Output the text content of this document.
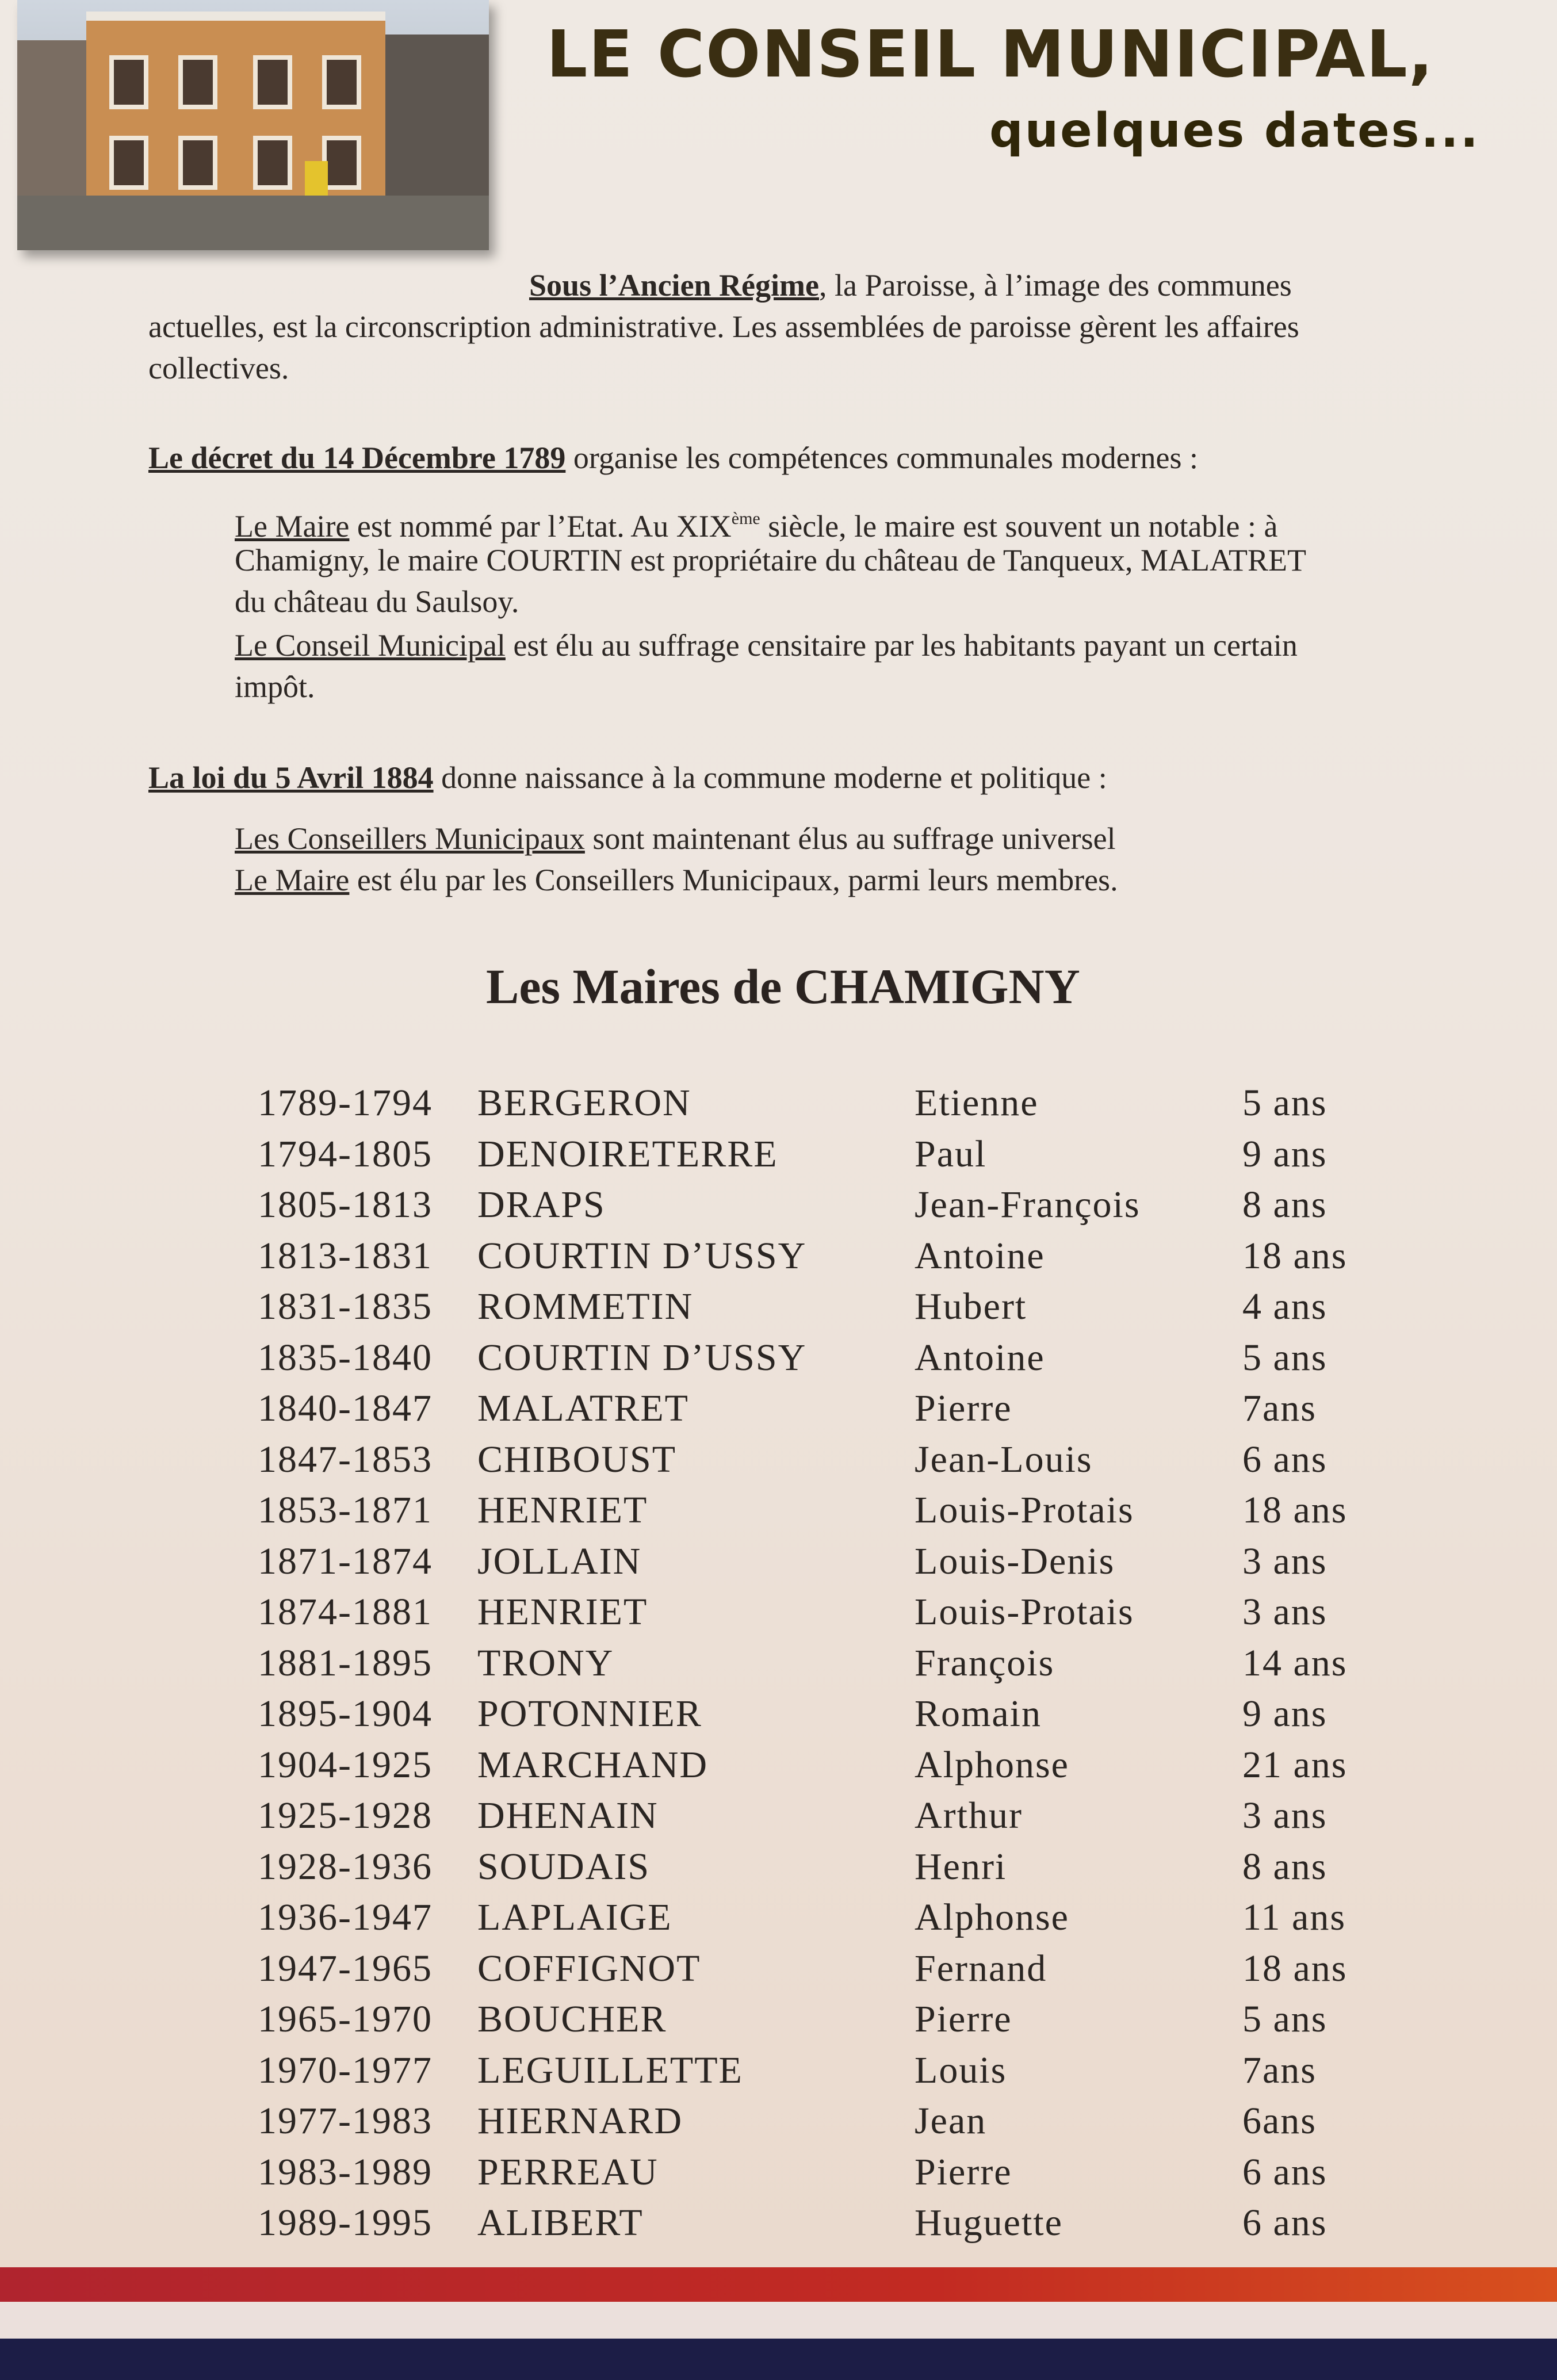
LE CONSEIL MUNICIPAL,
quelques dates...
Sous l’Ancien Régime, la Paroisse, à l’image des communes
actuelles, est la circonscription administrative. Les assemblées de paroisse gèrent les affaires
collectives.
Le décret du 14 Décembre 1789 organise les compétences communales modernes :
Le Maire est nommé par l’Etat. Au XIXème siècle, le maire est souvent un notable : à
Chamigny, le maire COURTIN est propriétaire du château de Tanqueux, MALATRET
du château du Saulsoy.
Le Conseil Municipal est élu au suffrage censitaire par les habitants payant un certain
impôt.
La loi du 5 Avril 1884 donne naissance à la commune moderne et politique :
Les Conseillers Municipaux sont maintenant élus au suffrage universel
Le Maire est élu par les Conseillers Municipaux, parmi leurs membres.
Les Maires de CHAMIGNY
1789-1794 BERGERON	Etienne	5 ans
1794-1805 DENOIRETERRE	Paul	9 ans
1805-1813 DRAPS	Jean-François	8 ans
1813-1831 COURTIN D’USSY	Antoine	18 ans
1831-1835 ROMMETIN	Hubert	4 ans
1835-1840 COURTIN D’USSY	Antoine	5 ans
1840-1847 MALATRET	Pierre	7ans
1847-1853 CHIBOUST	Jean-Louis	6 ans
1853-1871 HENRIET	Louis-Protais	18 ans
1871-1874 JOLLAIN	Louis-Denis	3 ans
1874-1881 HENRIET	Louis-Protais	3 ans
1881-1895 TRONY	François	14 ans
1895-1904 POTONNIER	Romain	9 ans
1904-1925 MARCHAND	Alphonse	21 ans
1925-1928 DHENAIN	Arthur	3 ans
1928-1936 SOUDAIS	Henri	8 ans
1936-1947 LAPLAIGE	Alphonse	11 ans
1947-1965 COFFIGNOT	Fernand	18 ans
1965-1970 BOUCHER	Pierre	5 ans
1970-1977 LEGUILLETTE	Louis	7ans
1977-1983 HIERNARD	Jean	6ans
1983-1989 PERREAU	Pierre	6 ans
1989-1995 ALIBERT	Huguette	6 ans
